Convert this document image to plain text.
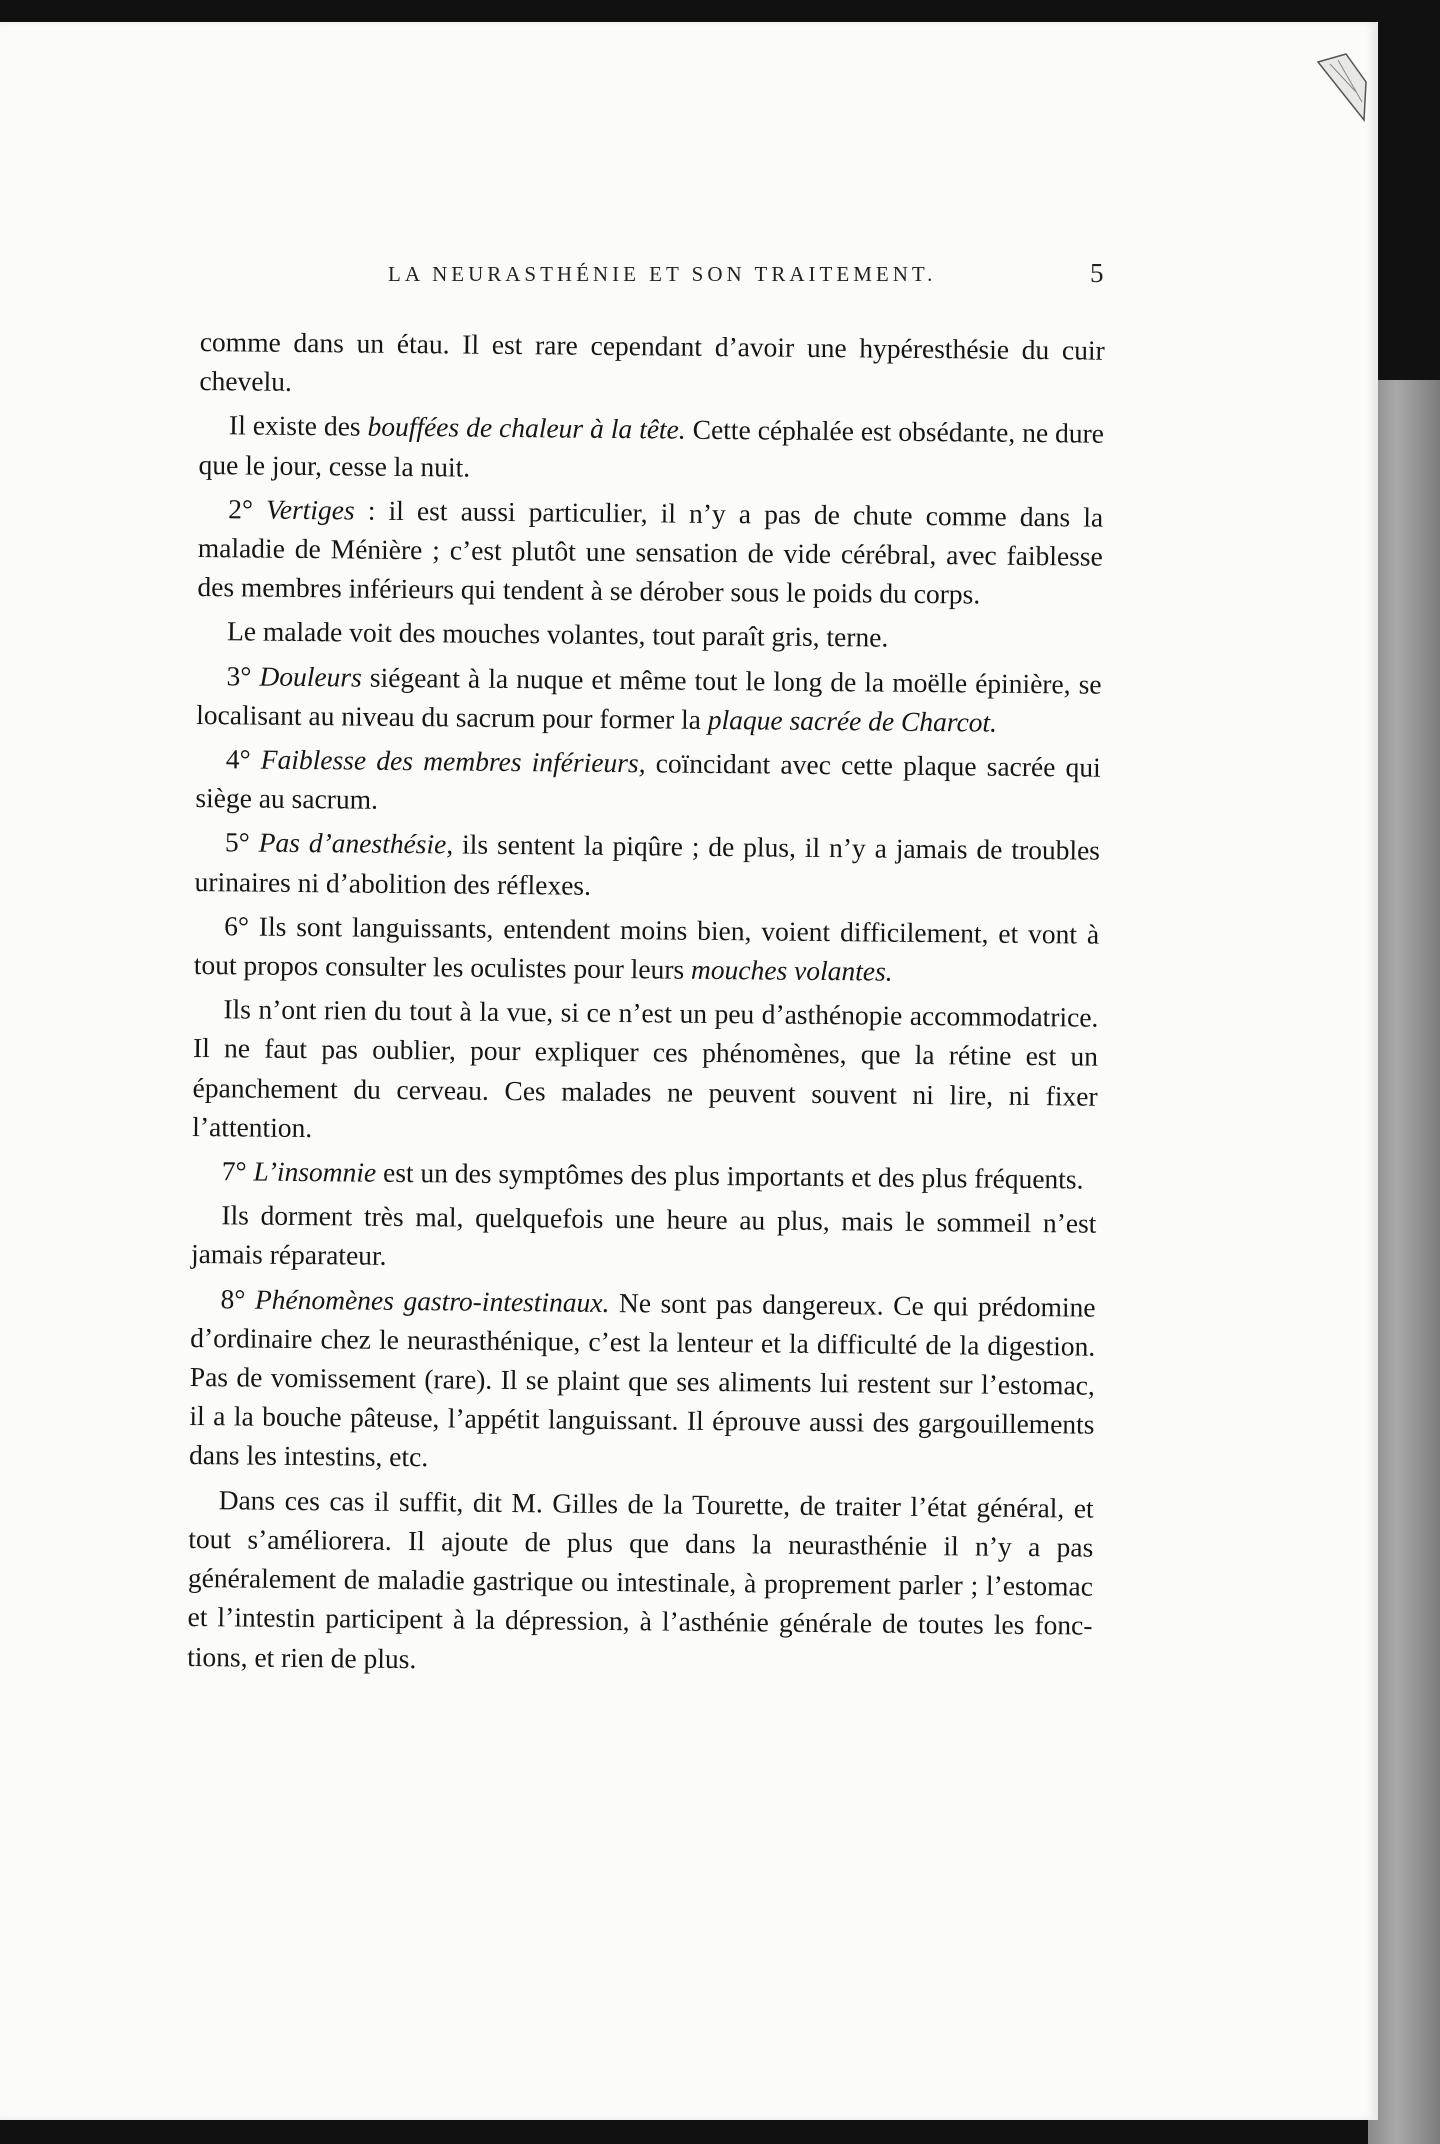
LA NEURASTHÉNIE ET SON TRAITEMENT.	5

comme dans un étau. Il est rare cependant d’avoir une hypéresthésie du cuir chevelu.

Il existe des bouffées de chaleur à la tête. Cette céphalée est obsédante, ne dure que le jour, cesse la nuit.

2° Vertiges : il est aussi particulier, il n’y a pas de chute comme dans la maladie de Ménière ; c’est plutôt une sensation de vide cérébral, avec faiblesse des membres inférieurs qui tendent à se dérober sous le poids du corps.

Le malade voit des mouches volantes, tout paraît gris, terne.

3° Douleurs siégeant à la nuque et même tout le long de la moëlle épinière, se localisant au niveau du sacrum pour former la plaque sacrée de Charcot.

4° Faiblesse des membres inférieurs, coïncidant avec cette plaque sacrée qui siège au sacrum.

5° Pas d’anesthésie, ils sentent la piqûre ; de plus, il n’y a jamais de troubles urinaires ni d’abolition des réflexes.

6° Ils sont languissants, entendent moins bien, voient difficilement, et vont à tout propos consulter les oculistes pour leurs mouches volantes.

Ils n’ont rien du tout à la vue, si ce n’est un peu d’asthénopie accommodatrice. Il ne faut pas oublier, pour expliquer ces phénomènes, que la rétine est un épanchement du cerveau. Ces malades ne peuvent souvent ni lire, ni fixer l’attention.

7° L’insomnie est un des symptômes des plus importants et des plus fréquents.

Ils dorment très mal, quelquefois une heure au plus, mais le sommeil n’est jamais réparateur.

8° Phénomènes gastro-intestinaux. Ne sont pas dangereux. Ce qui prédomine d’ordinaire chez le neurasthénique, c’est la lenteur et la difficulté de la digestion. Pas de vomissement (rare). Il se plaint que ses aliments lui restent sur l’estomac, il a la bouche pâteuse, l’appétit languissant. Il éprouve aussi des gargouillements dans les intestins, etc.

Dans ces cas il suffit, dit M. Gilles de la Tourette, de traiter l’état général, et tout s’améliorera. Il ajoute de plus que dans la neurasthénie il n’y a pas généralement de maladie gastrique ou intestinale, à proprement parler ; l’estomac et l’intestin participent à la dépression, à l’asthénie générale de toutes les fonctions, et rien de plus.
